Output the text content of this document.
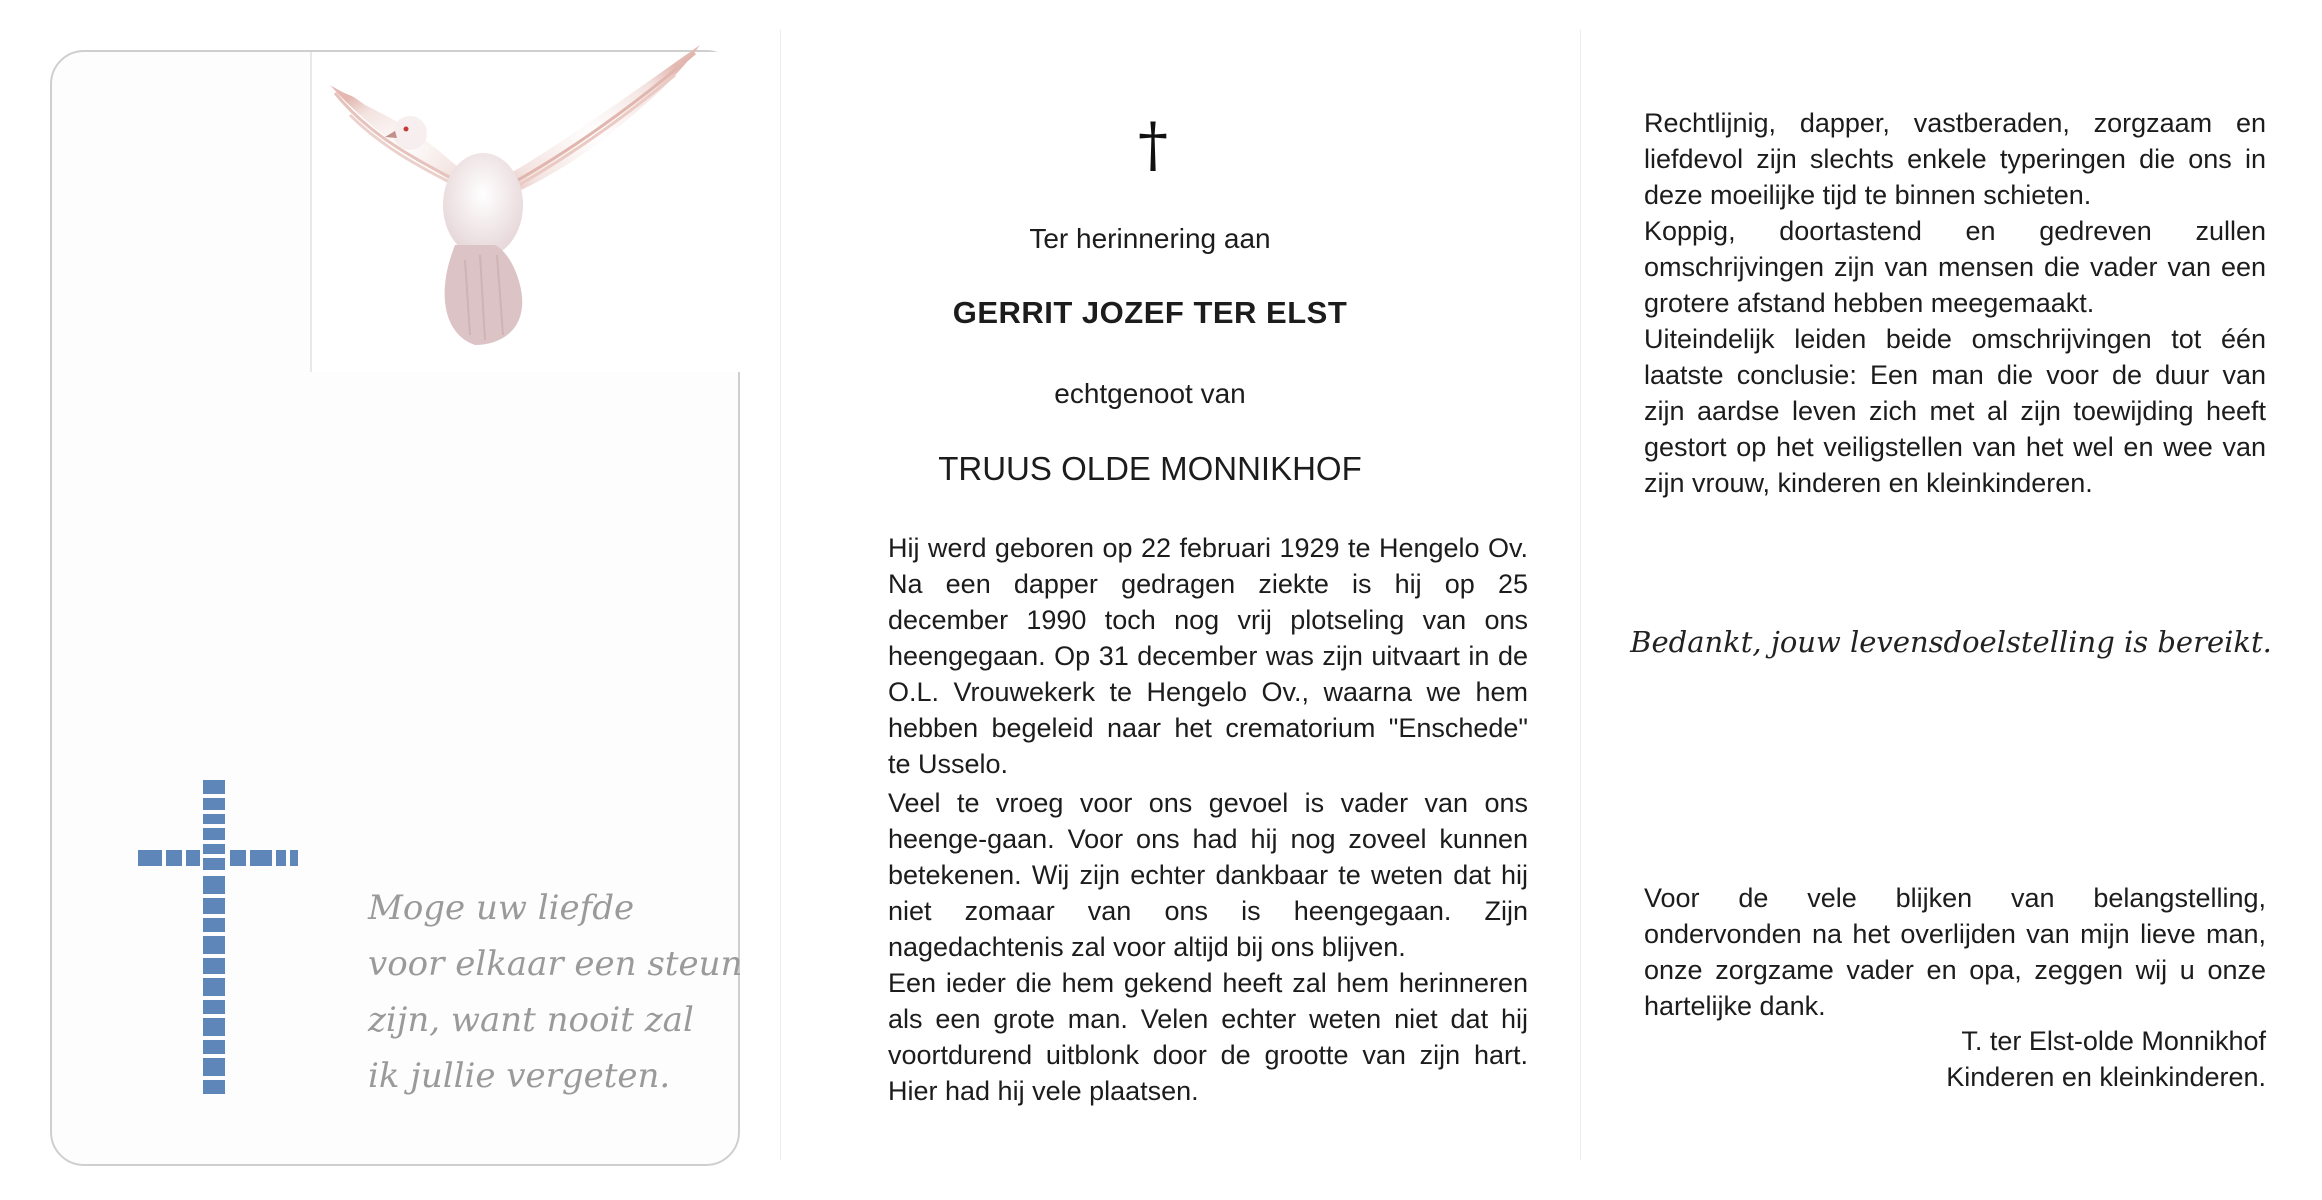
Moge uw liefde
voor elkaar een steun
zijn, want nooit zal
ik jullie vergeten.

†

Ter herinnering aan

GERRIT JOZEF TER ELST

echtgenoot van

TRUUS OLDE MONNIKHOF

Hij werd geboren op 22 februari 1929 te Hengelo Ov. Na een dapper gedragen ziekte is hij op 25 december 1990 toch nog vrij plotseling van ons heengegaan. Op 31 december was zijn uitvaart in de O.L. Vrouwekerk te Hengelo Ov., waarna we hem hebben begeleid naar het crematorium "Enschede" te Usselo.

Veel te vroeg voor ons gevoel is vader van ons heenge-gaan. Voor ons had hij nog zoveel kunnen betekenen. Wij zijn echter dankbaar te weten dat hij niet zomaar van ons is heengegaan. Zijn nagedachtenis zal voor altijd bij ons blijven.
Een ieder die hem gekend heeft zal hem herinneren als een grote man. Velen echter weten niet dat hij voortdurend uitblonk door de grootte van zijn hart. Hier had hij vele plaatsen.

Rechtlijnig, dapper, vastberaden, zorgzaam en liefdevol zijn slechts enkele typeringen die ons in deze moeilijke tijd te binnen schieten.
Koppig, doortastend en gedreven zullen omschrijvingen zijn van mensen die vader van een grotere afstand hebben meegemaakt.
Uiteindelijk leiden beide omschrijvingen tot één laatste conclusie: Een man die voor de duur van zijn aardse leven zich met al zijn toewijding heeft gestort op het veiligstellen van het wel en wee van zijn vrouw, kinderen en kleinkinderen.

Bedankt, jouw levensdoelstelling is bereikt.

Voor de vele blijken van belangstelling, ondervonden na het overlijden van mijn lieve man, onze zorgzame vader en opa, zeggen wij u onze hartelijke dank.

T. ter Elst-olde Monnikhof
Kinderen en kleinkinderen.
